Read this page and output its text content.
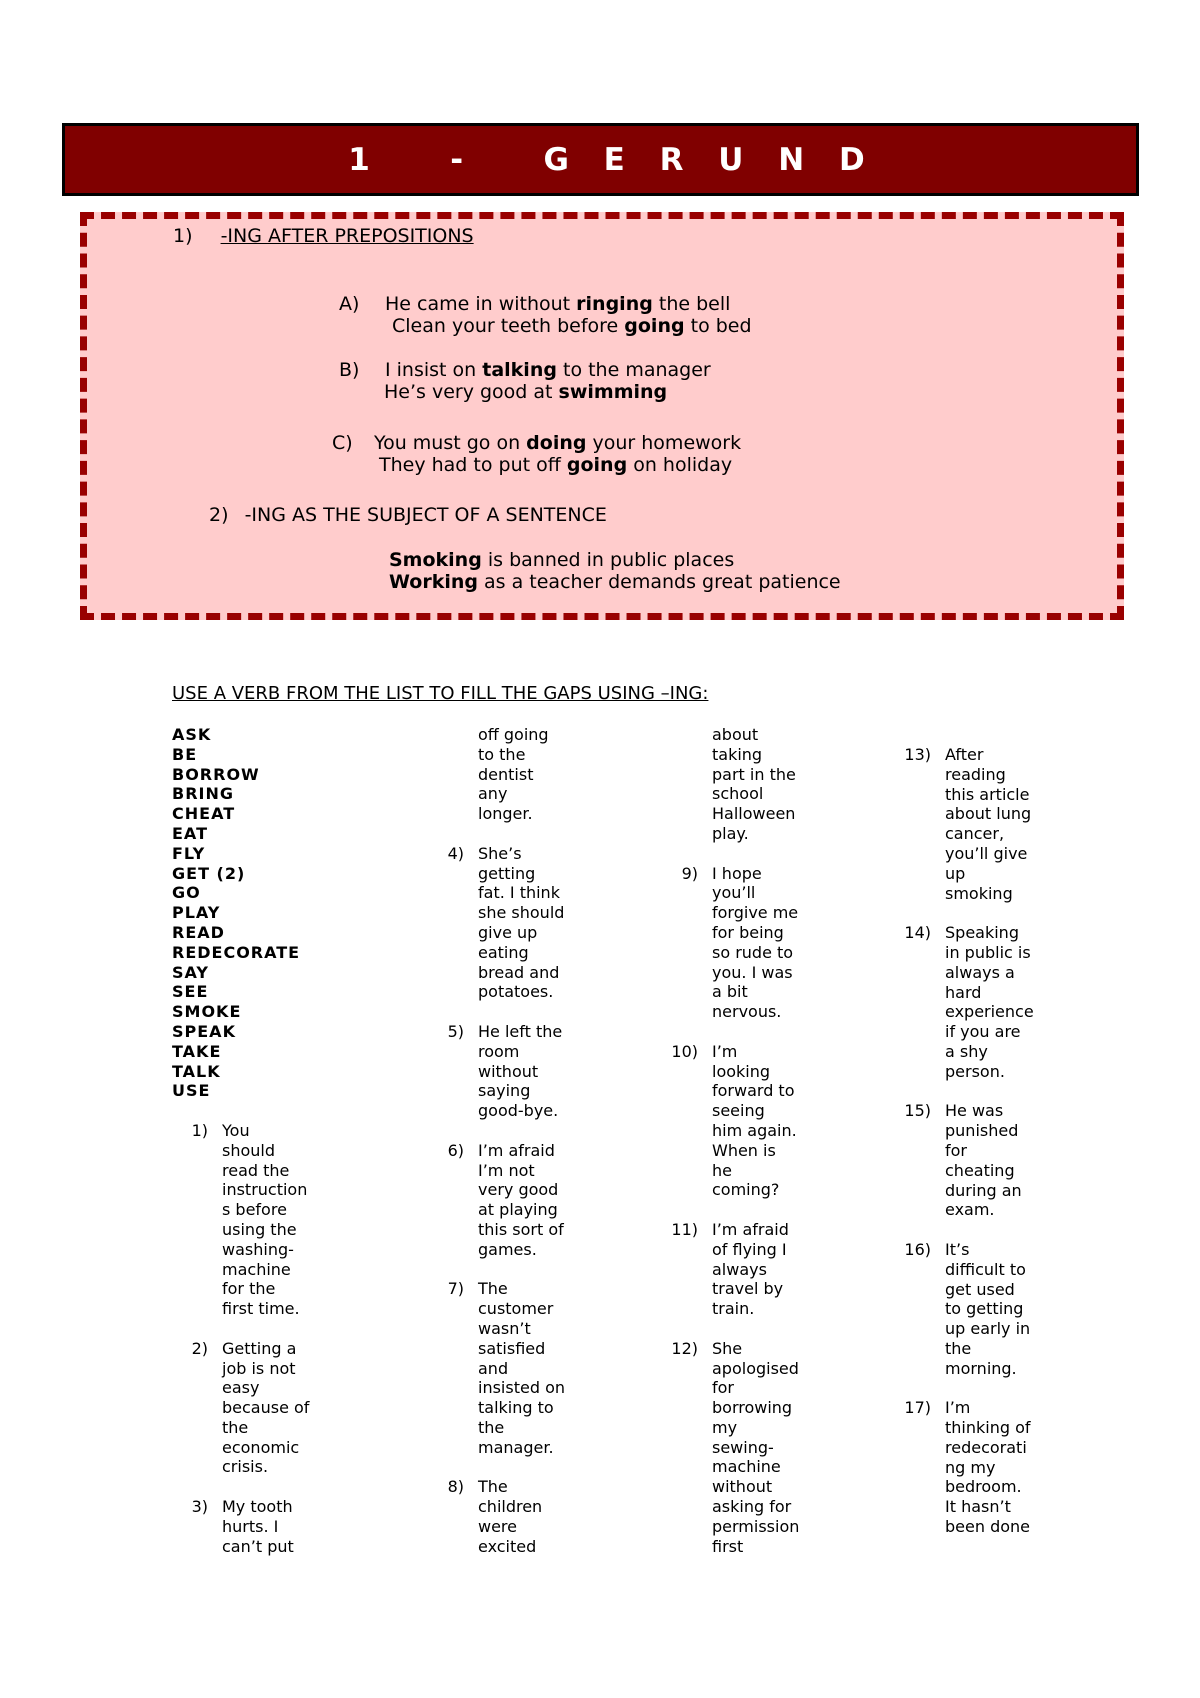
1   -   G E R U N D
1) -ING AFTER PREPOSITIONS
A) He came in without ringing the bell
Clean your teeth before going to bed
B) I insist on talking to the manager
He’s very good at swimming
C) You must go on doing your homework
They had to put off going on holiday
2) -ING AS THE SUBJECT OF A SENTENCE
Smoking is banned in public places
Working as a teacher demands great patience
USE A VERB FROM THE LIST TO FILL THE GAPS USING –ING:
ASK
BE
BORROW
BRING
CHEAT
EAT
FLY
GET (2)
GO
PLAY
READ
REDECORATE
SAY
SEE
SMOKE
SPEAK
TAKE
TALK
USE
1) You
should
read the
instruction
s before
using the
washing-
machine
for the
first time.
2) Getting a
job is not
easy
because of
the
economic
crisis.
3) My tooth
hurts. I
can’t put
off going
to the
dentist
any
longer.
4) She’s
getting
fat. I think
she should
give up
eating
bread and
potatoes.
5) He left the
room
without
saying
good-bye.
6) I’m afraid
I’m not
very good
at playing
this sort of
games.
7) The
customer
wasn’t
satisfied
and
insisted on
talking to
the
manager.
8) The
children
were
excited
about
taking
part in the
school
Halloween
play.
9) I hope
you’ll
forgive me
for being
so rude to
you. I was
a bit
nervous.
10) I’m
looking
forward to
seeing
him again.
When is
he
coming?
11) I’m afraid
of flying I
always
travel by
train.
12) She
apologised
for
borrowing
my
sewing-
machine
without
asking for
permission
first
13) After
reading
this article
about lung
cancer,
you’ll give
up
smoking
14) Speaking
in public is
always a
hard
experience
if you are
a shy
person.
15) He was
punished
for
cheating
during an
exam.
16) It’s
difficult to
get used
to getting
up early in
the
morning.
17) I’m
thinking of
redecorati
ng my
bedroom.
It hasn’t
been done
